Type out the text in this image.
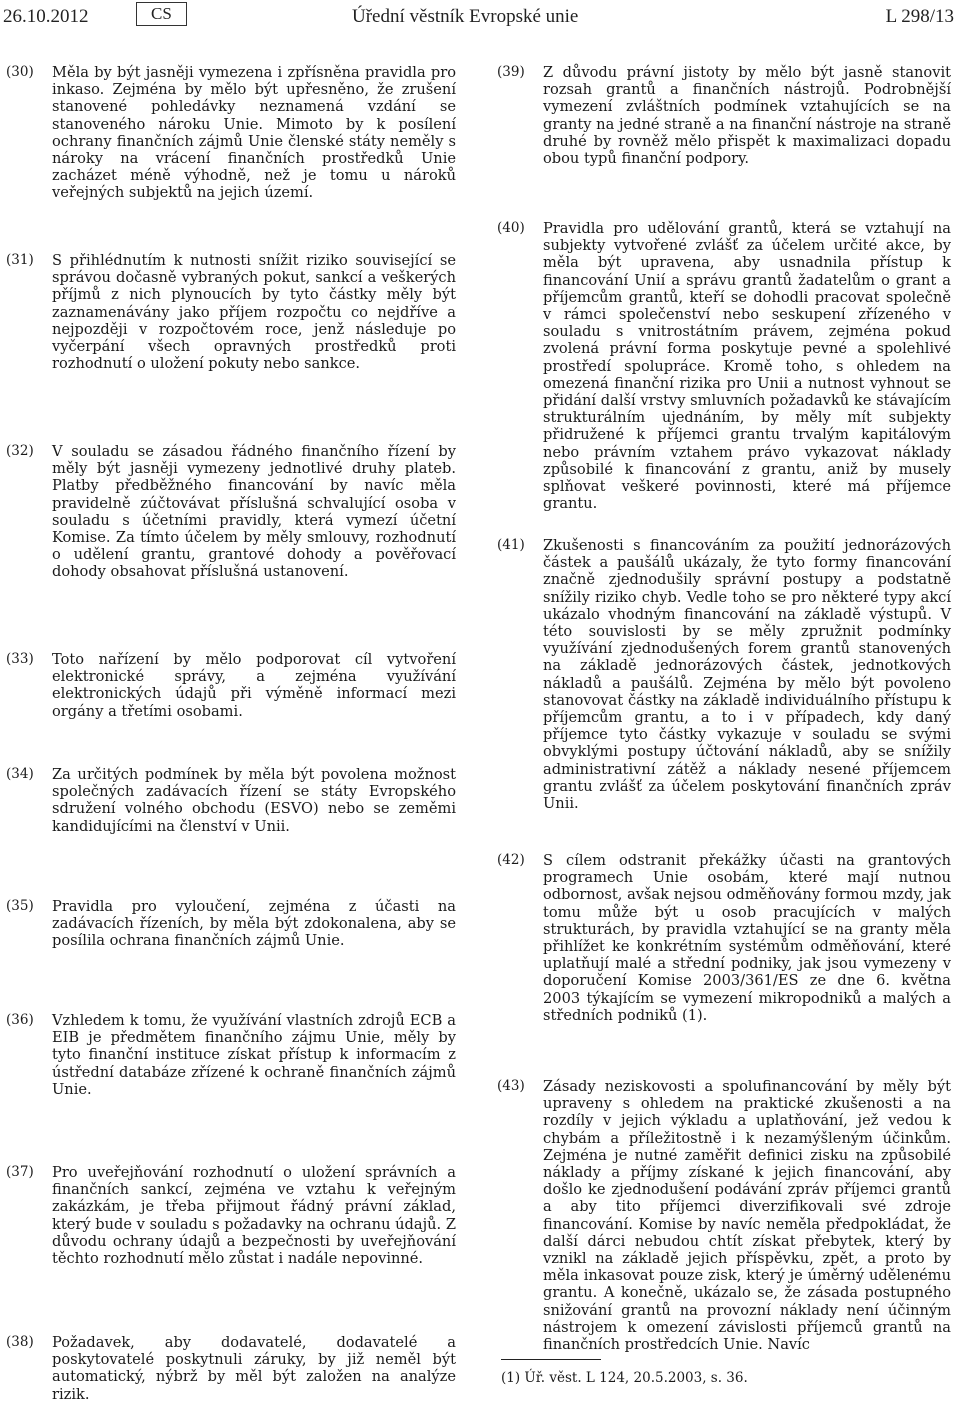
26.10.2012	CS	Úřední věstník Evropské unie	L 298/13
(30)	Měla by být jasněji vymezena i zpřísněna pravidla pro inkaso. Zejména by mělo být upřesněno, že zrušení stanovené pohledávky neznamená vzdání se stanoveného nároku Unie. Mimoto by k posílení ochrany finančních zájmů Unie členské státy neměly s nároky na vrácení finančních prostředků Unie zacházet méně výhodně, než je tomu u nároků veřejných subjektů na jejich území.
(31)	S přihlédnutím k nutnosti snížit riziko související se správou dočasně vybraných pokut, sankcí a veškerých příjmů z nich plynoucích by tyto částky měly být zaznamenávány jako příjem rozpočtu co nejdříve a nejpozději v rozpočtovém roce, jenž následuje po vyčerpání všech opravných prostředků proti rozhodnutí o uložení pokuty nebo sankce.
(32)	V souladu se zásadou řádného finančního řízení by měly být jasněji vymezeny jednotlivé druhy plateb. Platby předběžného financování by navíc měla pravidelně zúčtovávat příslušná schvalující osoba v souladu s účetními pravidly, která vymezí účetní Komise. Za tímto účelem by měly smlouvy, rozhodnutí o udělení grantu, grantové dohody a pověřovací dohody obsahovat příslušná ustanovení.
(33)	Toto nařízení by mělo podporovat cíl vytvoření elektronické správy, a zejména využívání elektronických údajů při výměně informací mezi orgány a třetími osobami.
(34)	Za určitých podmínek by měla být povolena možnost společných zadávacích řízení se státy Evropského sdružení volného obchodu (ESVO) nebo se zeměmi kandidujícími na členství v Unii.
(35)	Pravidla pro vyloučení, zejména z účasti na zadávacích řízeních, by měla být zdokonalena, aby se posílila ochrana finančních zájmů Unie.
(36)	Vzhledem k tomu, že využívání vlastních zdrojů ECB a EIB je předmětem finančního zájmu Unie, měly by tyto finanční instituce získat přístup k informacím z ústřední databáze zřízené k ochraně finančních zájmů Unie.
(37)	Pro uveřejňování rozhodnutí o uložení správních a finančních sankcí, zejména ve vztahu k veřejným zakázkám, je třeba přijmout řádný právní základ, který bude v souladu s požadavky na ochranu údajů. Z důvodu ochrany údajů a bezpečnosti by uveřejňování těchto rozhodnutí mělo zůstat i nadále nepovinné.
(38)	Požadavek, aby dodavatelé, dodavatelé a poskytovatelé poskytnuli záruky, by již neměl být automatický, nýbrž by měl být založen na analýze rizik.
(39)	Z důvodu právní jistoty by mělo být jasně stanovit rozsah grantů a finančních nástrojů. Podrobnější vymezení zvláštních podmínek vztahujících se na granty na jedné straně a na finanční nástroje na straně druhé by rovněž mělo přispět k maximalizaci dopadu obou typů finanční podpory.
(40)	Pravidla pro udělování grantů, která se vztahují na subjekty vytvořené zvlášť za účelem určité akce, by měla být upravena, aby usnadnila přístup k financování Unií a správu grantů žadatelům o grant a příjemcům grantů, kteří se dohodli pracovat společně v rámci společenství nebo seskupení zřízeného v souladu s vnitrostátním právem, zejména pokud zvolená právní forma poskytuje pevné a spolehlivé prostředí spolupráce. Kromě toho, s ohledem na omezená finanční rizika pro Unii a nutnost vyhnout se přidání další vrstvy smluvních požadavků ke stávajícím strukturálním ujednáním, by měly mít subjekty přidružené k příjemci grantu trvalým kapitálovým nebo právním vztahem právo vykazovat náklady způsobilé k financování z grantu, aniž by musely splňovat veškeré povinnosti, které má příjemce grantu.
(41)	Zkušenosti s financováním za použití jednorázových částek a paušálů ukázaly, že tyto formy financování značně zjednodušily správní postupy a podstatně snížily riziko chyb. Vedle toho se pro některé typy akcí ukázalo vhodným financování na základě výstupů. V této souvislosti by se měly zpružnit podmínky využívání zjednodušených forem grantů stanovených na základě jednorázových částek, jednotkových nákladů a paušálů. Zejména by mělo být povoleno stanovovat částky na základě individuálního přístupu k příjemcům grantu, a to i v případech, kdy daný příjemce tyto částky vykazuje v souladu se svými obvyklými postupy účtování nákladů, aby se snížily administrativní zátěž a náklady nesené příjemcem grantu zvlášť za účelem poskytování finančních zpráv Unii.
(42)	S cílem odstranit překážky účasti na grantových programech Unie osobám, které mají nutnou odbornost, avšak nejsou odměňovány formou mzdy, jak tomu může být u osob pracujících v malých strukturách, by pravidla vztahující se na granty měla přihlížet ke konkrétním systémům odměňování, které uplatňují malé a střední podniky, jak jsou vymezeny v doporučení Komise 2003/361/ES ze dne 6. května 2003 týkajícím se vymezení mikropodniků a malých a středních podniků (1).
(43)	Zásady neziskovosti a spolufinancování by měly být upraveny s ohledem na praktické zkušenosti a na rozdíly v jejich výkladu a uplatňování, jež vedou k chybám a příležitostně i k nezamýšleným účinkům. Zejména je nutné zaměřit definici zisku na způsobilé náklady a příjmy získané k jejich financování, aby došlo ke zjednodušení podávání zpráv příjemci grantů a aby tito příjemci diverzifikovali své zdroje financování. Komise by navíc neměla předpokládat, že další dárci nebudou chtít získat přebytek, který by vznikl na základě jejich příspěvku, zpět, a proto by měla inkasovat pouze zisk, který je úměrný udělenému grantu. A konečně, ukázalo se, že zásada postupného snižování grantů na provozní náklady není účinným nástrojem k omezení závislosti příjemců grantů na finančních prostředcích Unie. Navíc
(1) Úř. věst. L 124, 20.5.2003, s. 36.
